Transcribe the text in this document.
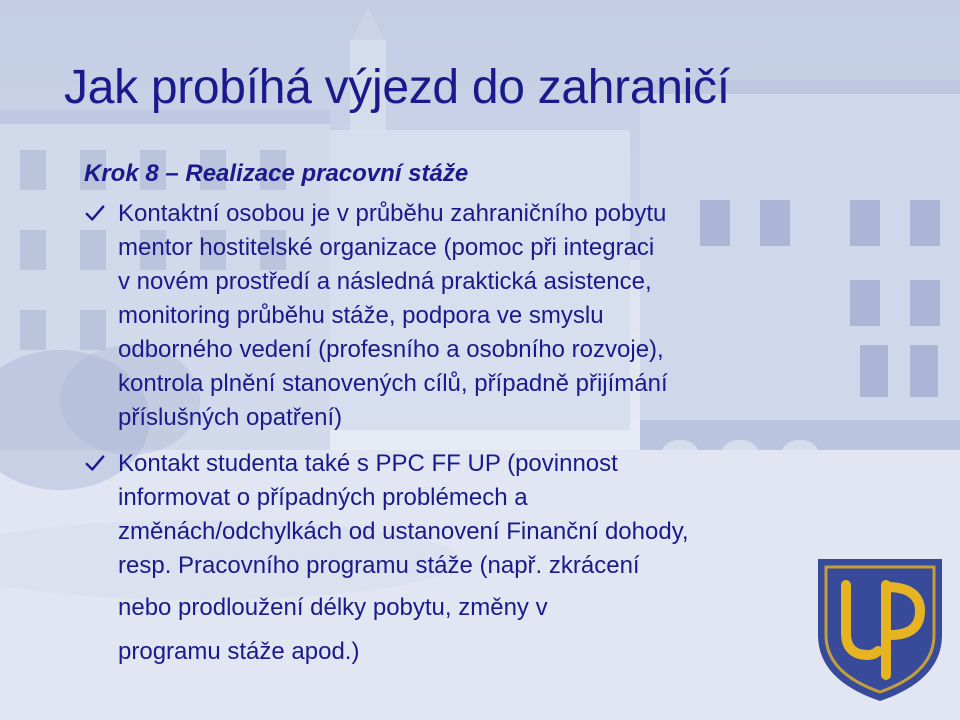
Jak probíhá výjezd do zahraničí
Krok 8 – Realizace pracovní stáže
Kontaktní osobou je v průběhu zahraničního pobytu
mentor hostitelské organizace (pomoc při integraci
v novém prostředí a následná praktická asistence,
monitoring průběhu stáže, podpora ve smyslu
odborného vedení (profesního a osobního rozvoje),
kontrola plnění stanovených cílů, případně přijímání
příslušných opatření)
Kontakt studenta také s PPC FF UP (povinnost
informovat o případných problémech a
změnách/odchylkách od ustanovení Finanční dohody,
resp. Pracovního programu stáže (např. zkrácení
nebo prodloužení délky pobytu, změny v
programu stáže apod.)
